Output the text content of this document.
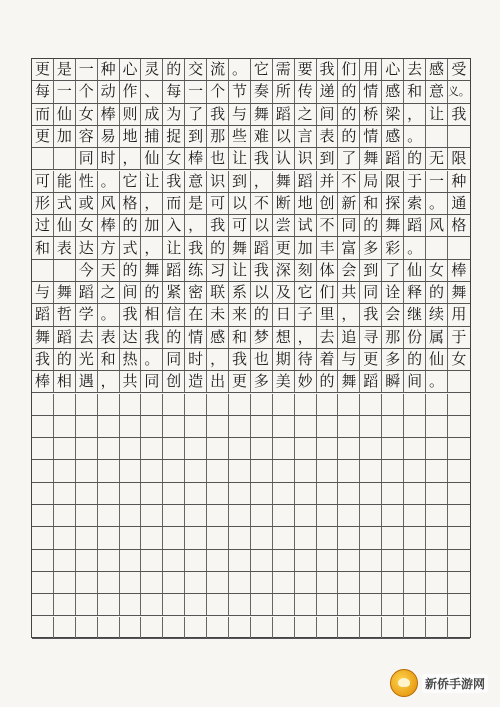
更 是 一 种 心 灵 的 交 流 。 它 需 要 我 们 用 心 去 感 受
每 一 个 动 作 、 每 一 个 节 奏 所 传 递 的 情 感 和 意 义。
而 仙 女 棒 则 成 为 了 我 与 舞 蹈 之 间 的 桥 梁 ， 让 我
更 加 容 易 地 捕 捉 到 那 些 难 以 言 表 的 情 感 。

同 时 ， 仙 女 棒 也 让 我 认 识 到 了 舞 蹈 的 无 限
可 能 性 。 它 让 我 意 识 到 ， 舞 蹈 并 不 局 限 于 一 种
形 式 或 风 格 ， 而 是 可 以 不 断 地 创 新 和 探 索 。 通
过 仙 女 棒 的 加 入 ， 我 可 以 尝 试 不 同 的 舞 蹈 风 格
和 表 达 方 式 ， 让 我 的 舞 蹈 更 加 丰 富 多 彩 。

今 天 的 舞 蹈 练 习 让 我 深 刻 体 会 到 了 仙 女 棒
与 舞 蹈 之 间 的 紧 密 联 系 以 及 它 们 共 同 诠 释 的 舞
蹈 哲 学 。 我 相 信 在 未 来 的 日 子 里 ， 我 会 继 续 用
舞 蹈 去 表 达 我 的 情 感 和 梦 想 ， 去 追 寻 那 份 属 于
我 的 光 和 热 。 同 时 ， 我 也 期 待 着 与 更 多 的 仙 女
棒 相 遇 ， 共 同 创 造 出 更 多 美 妙 的 舞 蹈 瞬 间 。
新侨手游网
